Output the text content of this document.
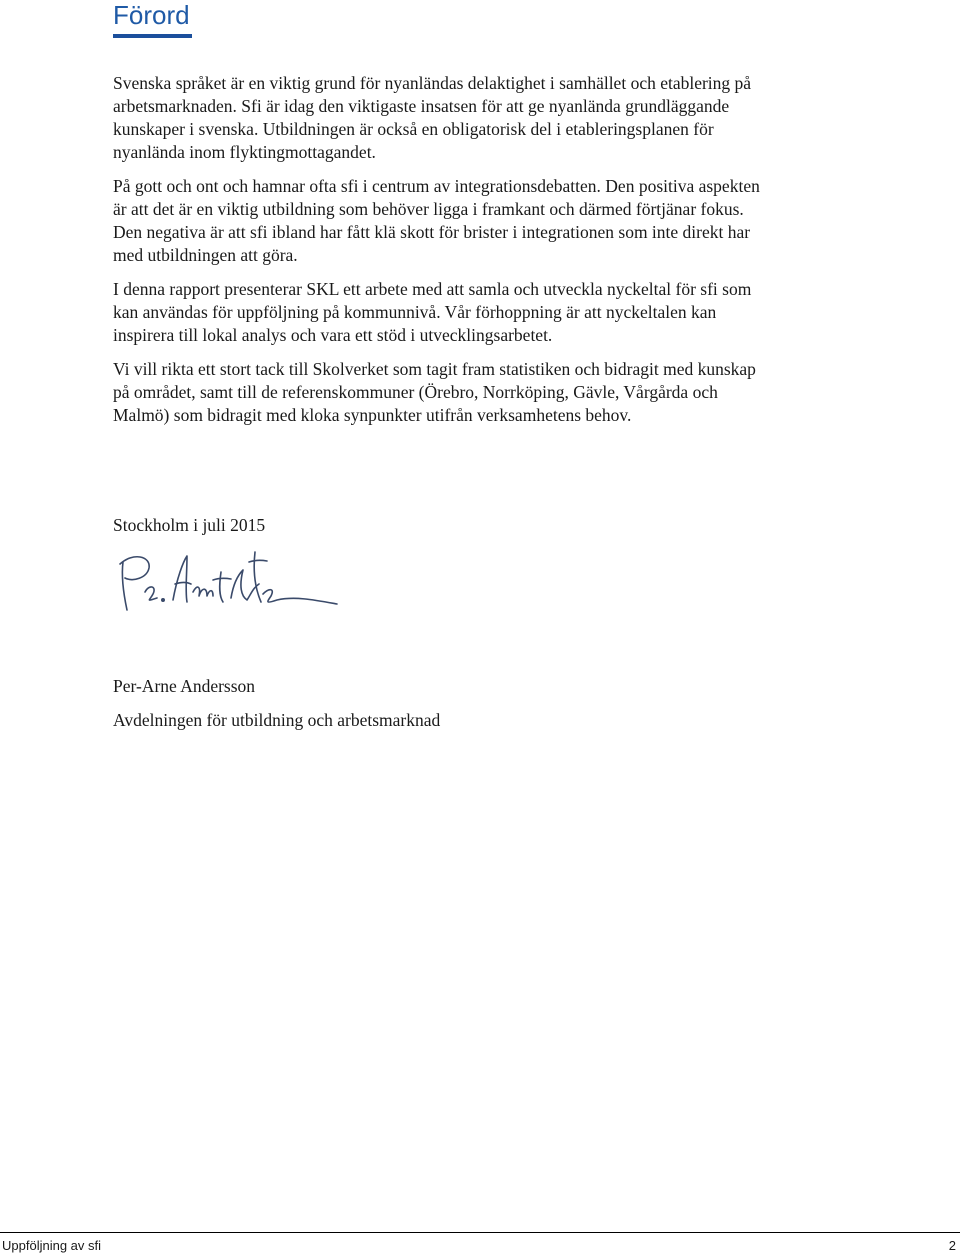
Förord

Svenska språket är en viktig grund för nyanländas delaktighet i samhället och etablering på arbetsmarknaden. Sfi är idag den viktigaste insatsen för att ge nyanlända grundläggande kunskaper i svenska. Utbildningen är också en obligatorisk del i etableringsplanen för nyanlända inom flyktingmottagandet.

På gott och ont och hamnar ofta sfi i centrum av integrationsdebatten. Den positiva aspekten är att det är en viktig utbildning som behöver ligga i framkant och därmed förtjänar fokus. Den negativa är att sfi ibland har fått klä skott för brister i integrationen som inte direkt har med utbildningen att göra.

I denna rapport presenterar SKL ett arbete med att samla och utveckla nyckeltal för sfi som kan användas för uppföljning på kommunnivå. Vår förhoppning är att nyckeltalen kan inspirera till lokal analys och vara ett stöd i utvecklingsarbetet.

Vi vill rikta ett stort tack till Skolverket som tagit fram statistiken och bidragit med kunskap på området, samt till de referenskommuner (Örebro, Norrköping, Gävle, Vårgårda och Malmö) som bidragit med kloka synpunkter utifrån verksamhetens behov.

Stockholm i juli 2015

Per-Arne Andersson

Avdelningen för utbildning och arbetsmarknad

Uppföljning av sfi	2
